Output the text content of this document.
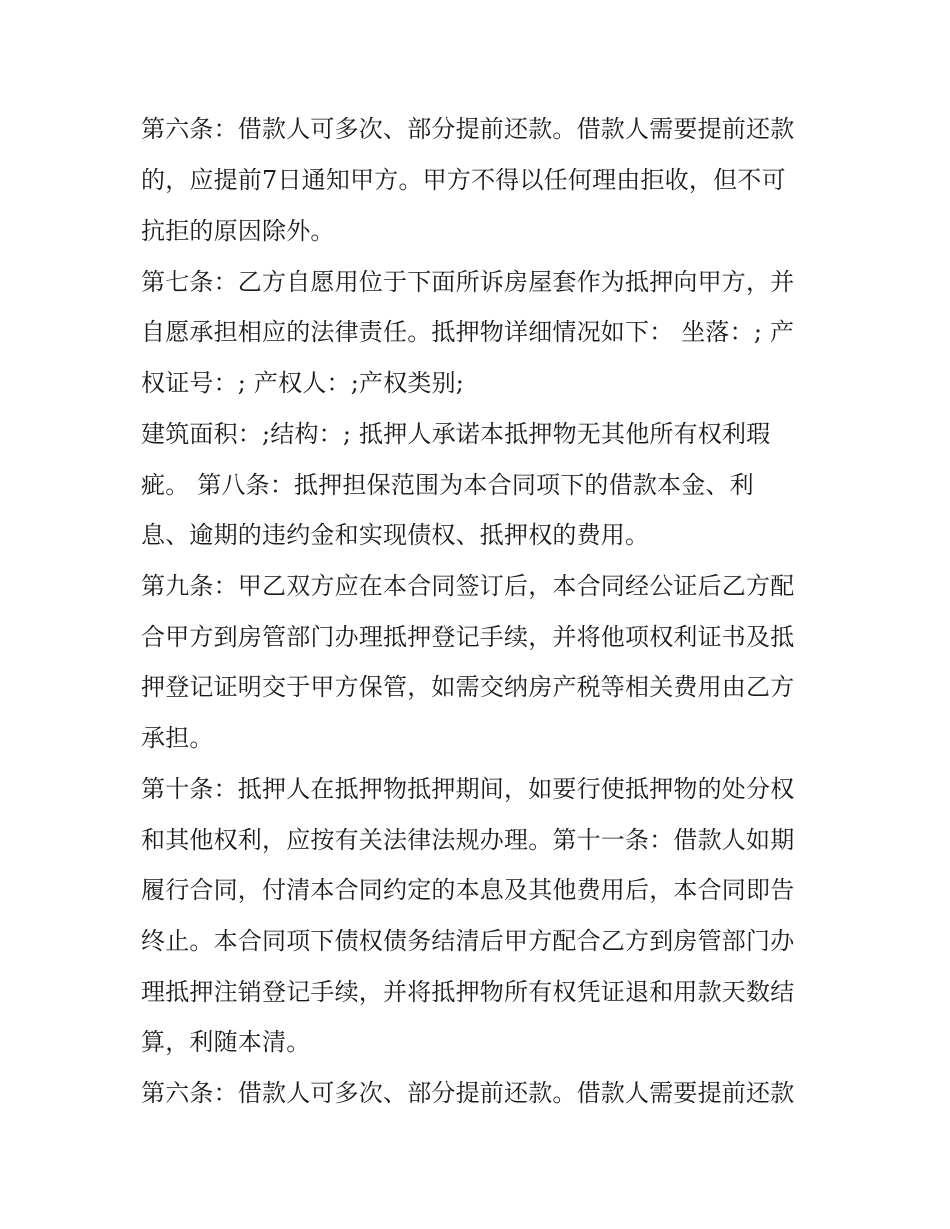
第六条：借款人可多次、部分提前还款。借款人需要提前还款
的，应提前7日通知甲方。甲方不得以任何理由拒收，但不可
抗拒的原因除外。
第七条：乙方自愿用位于下面所诉房屋套作为抵押向甲方，并
自愿承担相应的法律责任。抵押物详细情况如下： 坐落：; 产
权证号：; 产权人：;产权类别;
建筑面积：;结构：; 抵押人承诺本抵押物无其他所有权利瑕
疵。 第八条：抵押担保范围为本合同项下的借款本金、利
息、逾期的违约金和实现债权、抵押权的费用。
第九条：甲乙双方应在本合同签订后，本合同经公证后乙方配
合甲方到房管部门办理抵押登记手续，并将他项权利证书及抵
押登记证明交于甲方保管，如需交纳房产税等相关费用由乙方
承担。
第十条：抵押人在抵押物抵押期间，如要行使抵押物的处分权
和其他权利，应按有关法律法规办理。第十一条：借款人如期
履行合同，付清本合同约定的本息及其他费用后，本合同即告
终止。本合同项下债权债务结清后甲方配合乙方到房管部门办
理抵押注销登记手续，并将抵押物所有权凭证退和用款天数结
算，利随本清。
第六条：借款人可多次、部分提前还款。借款人需要提前还款
